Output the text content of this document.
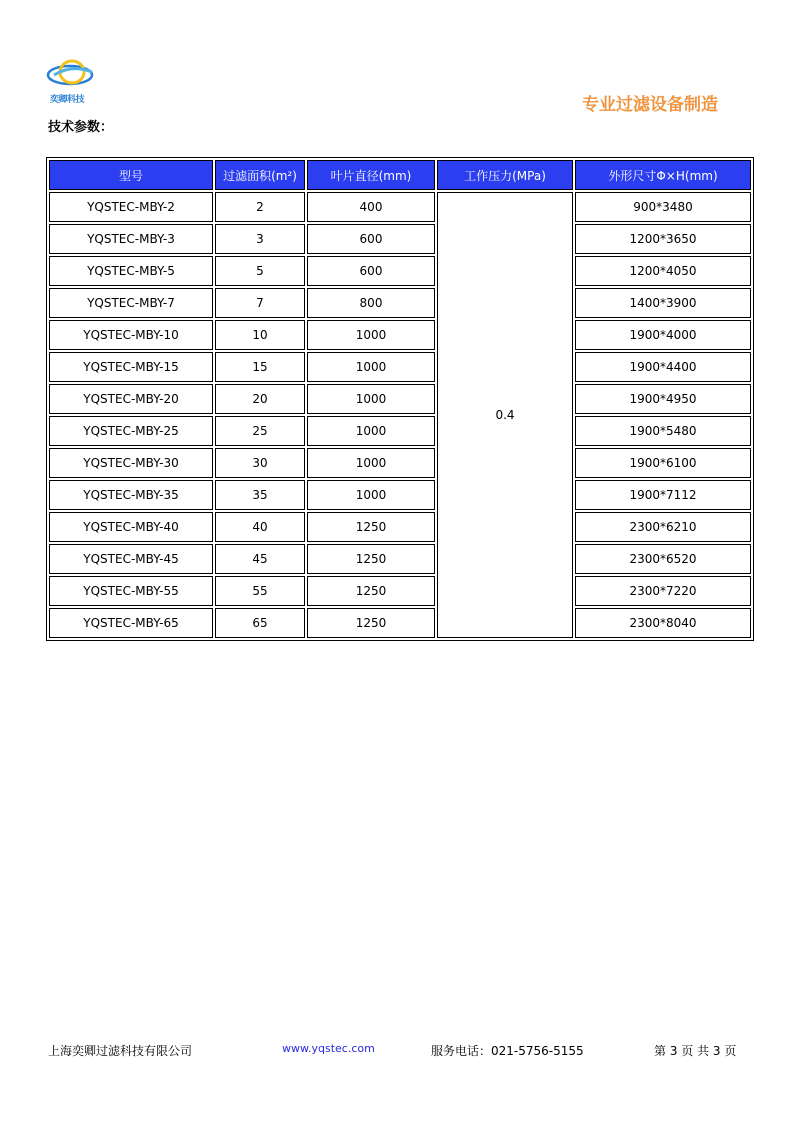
奕卿科技	专业过滤设备制造
技术参数：
型号	过滤面积(m²)	叶片直径(mm)	工作压力(MPa)	外形尺寸Φ×H(mm)
YQSTEC-MBY-2	2	400	0.4	900*3480
YQSTEC-MBY-3	3	600		1200*3650
YQSTEC-MBY-5	5	600		1200*4050
YQSTEC-MBY-7	7	800		1400*3900
YQSTEC-MBY-10	10	1000		1900*4000
YQSTEC-MBY-15	15	1000		1900*4400
YQSTEC-MBY-20	20	1000		1900*4950
YQSTEC-MBY-25	25	1000		1900*5480
YQSTEC-MBY-30	30	1000		1900*6100
YQSTEC-MBY-35	35	1000		1900*7112
YQSTEC-MBY-40	40	1250		2300*6210
YQSTEC-MBY-45	45	1250		2300*6520
YQSTEC-MBY-55	55	1250		2300*7220
YQSTEC-MBY-65	65	1250		2300*8040
上海奕卿过滤科技有限公司	www.yqstec.com	服务电话：021-5756-5155	第 3 页 共 3 页
